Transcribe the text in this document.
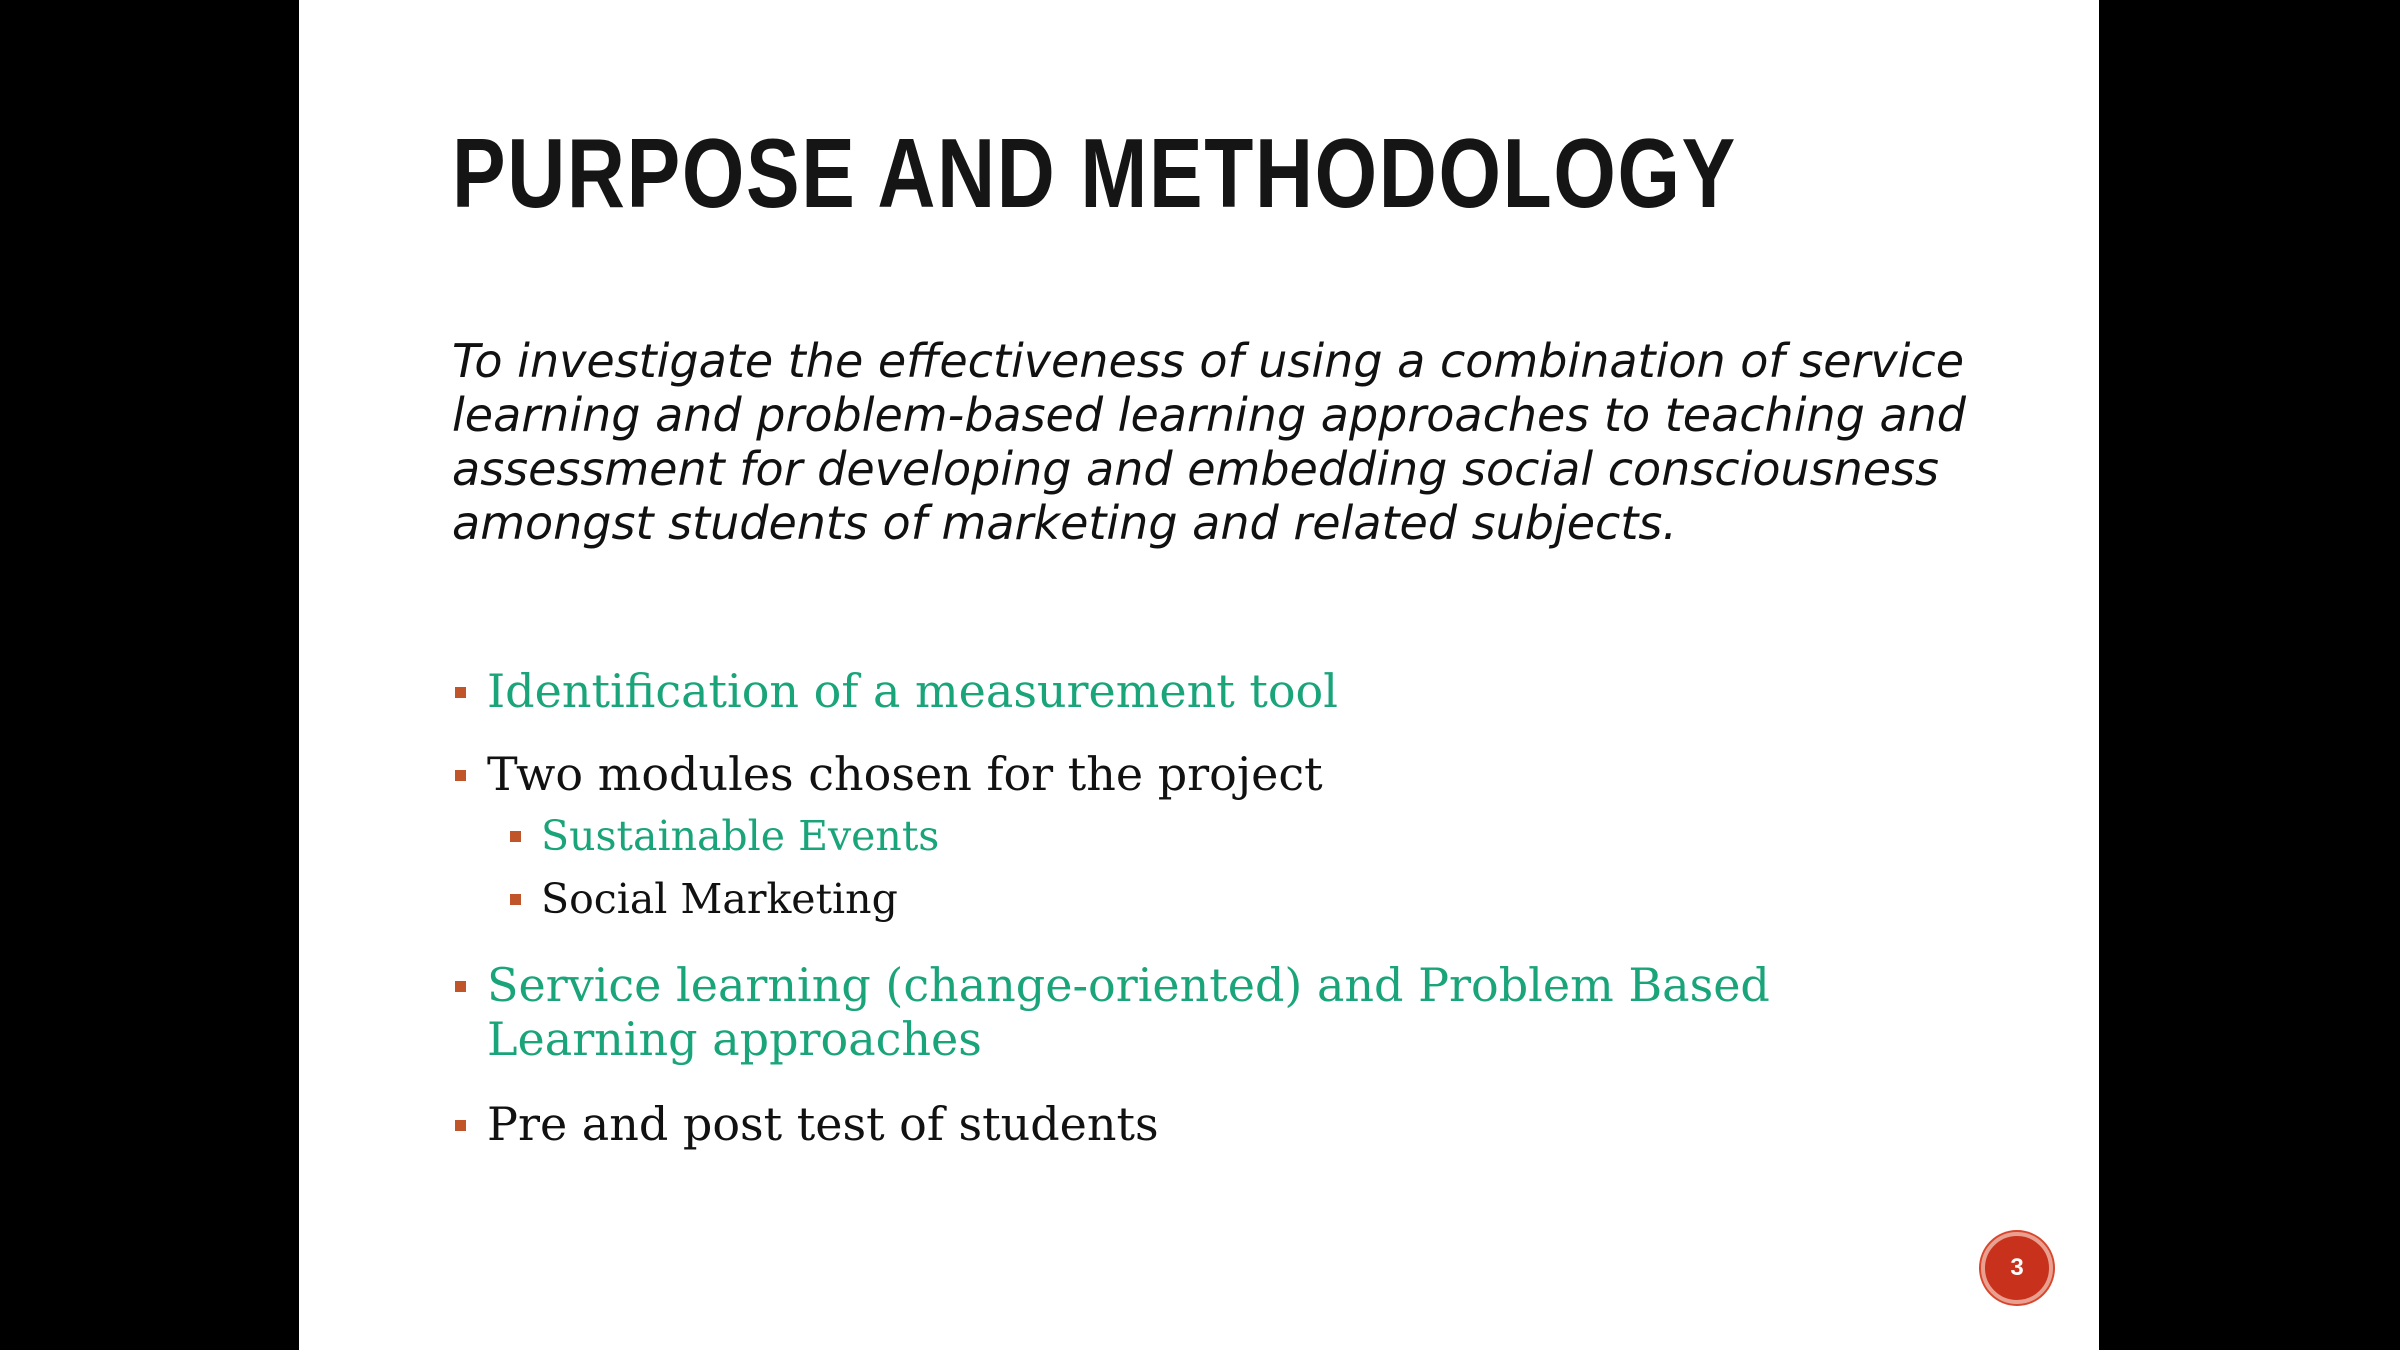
PURPOSE AND METHODOLOGY

To investigate the effectiveness of using a combination of service learning and problem-based learning approaches to teaching and assessment for developing and embedding social consciousness amongst students of marketing and related subjects.

Identification of a measurement tool

Two modules chosen for the project

Sustainable Events

Social Marketing

Service learning (change-oriented) and Problem Based

Learning approaches

Pre and post test of students

3
